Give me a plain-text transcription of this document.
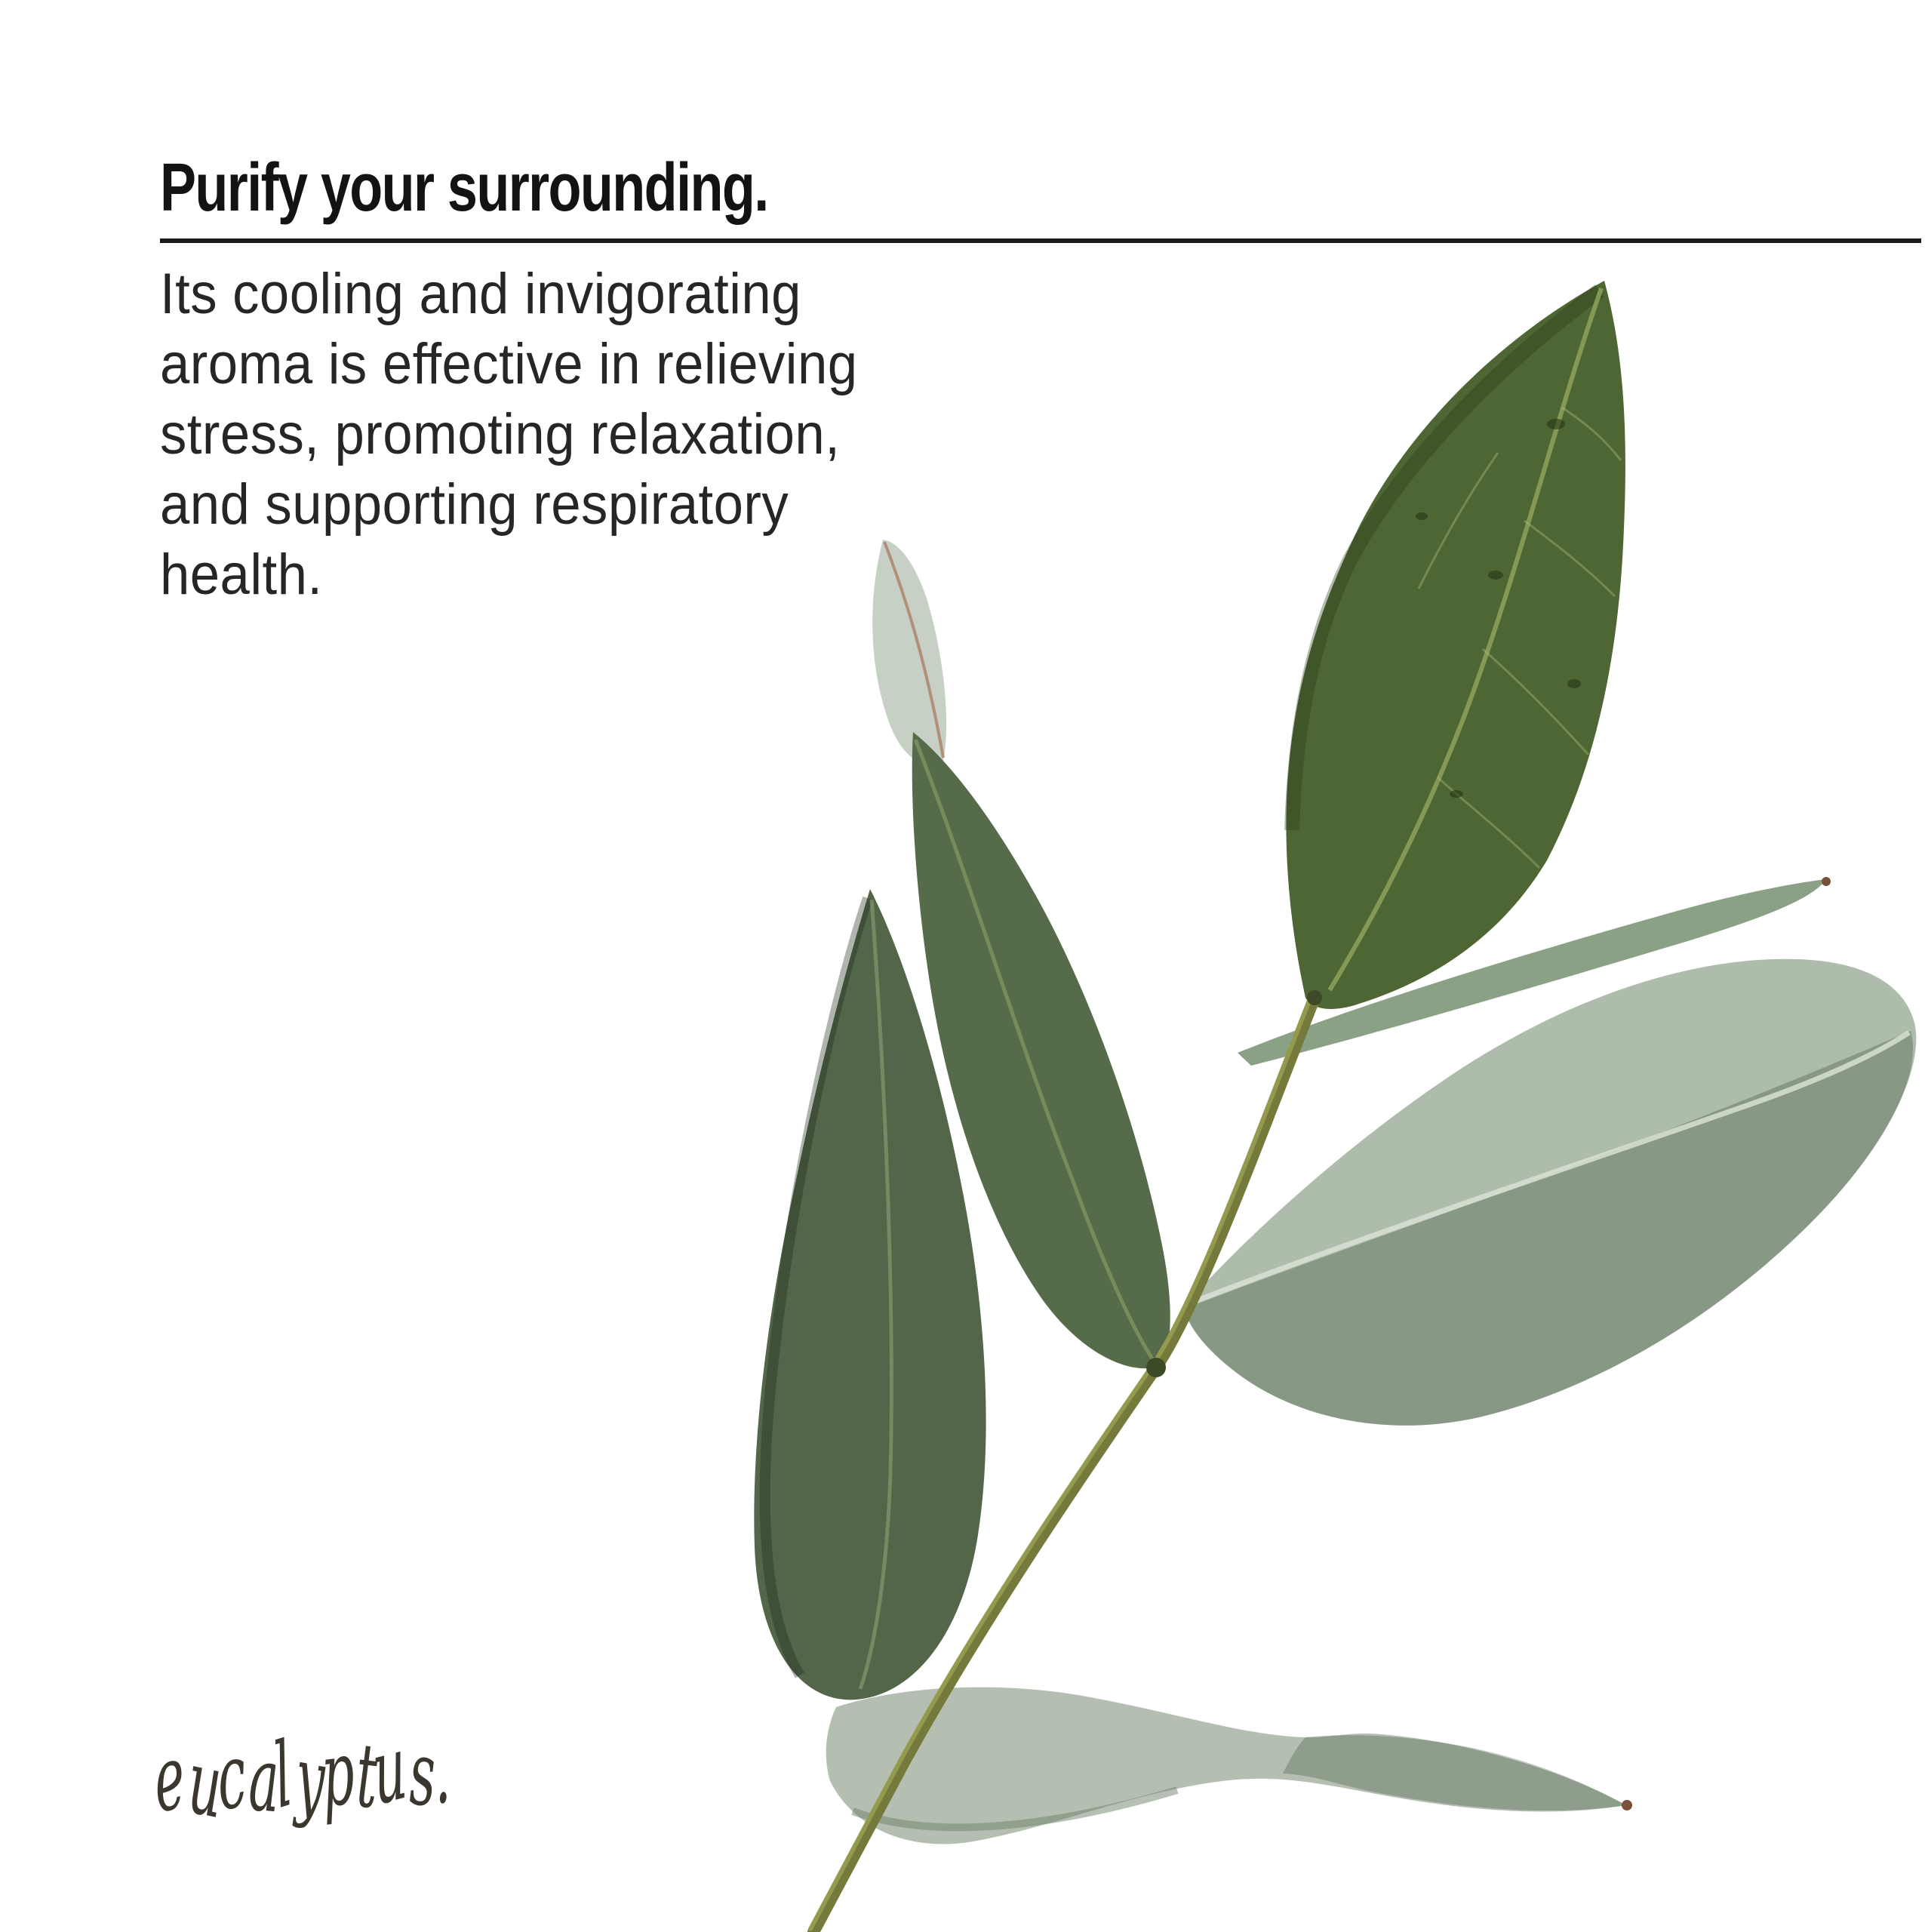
Purify your surrounding.

Its cooling and invigorating
aroma is effective in relieving
stress, promoting relaxation,
and supporting respiratory
health.

eucalyptus.
